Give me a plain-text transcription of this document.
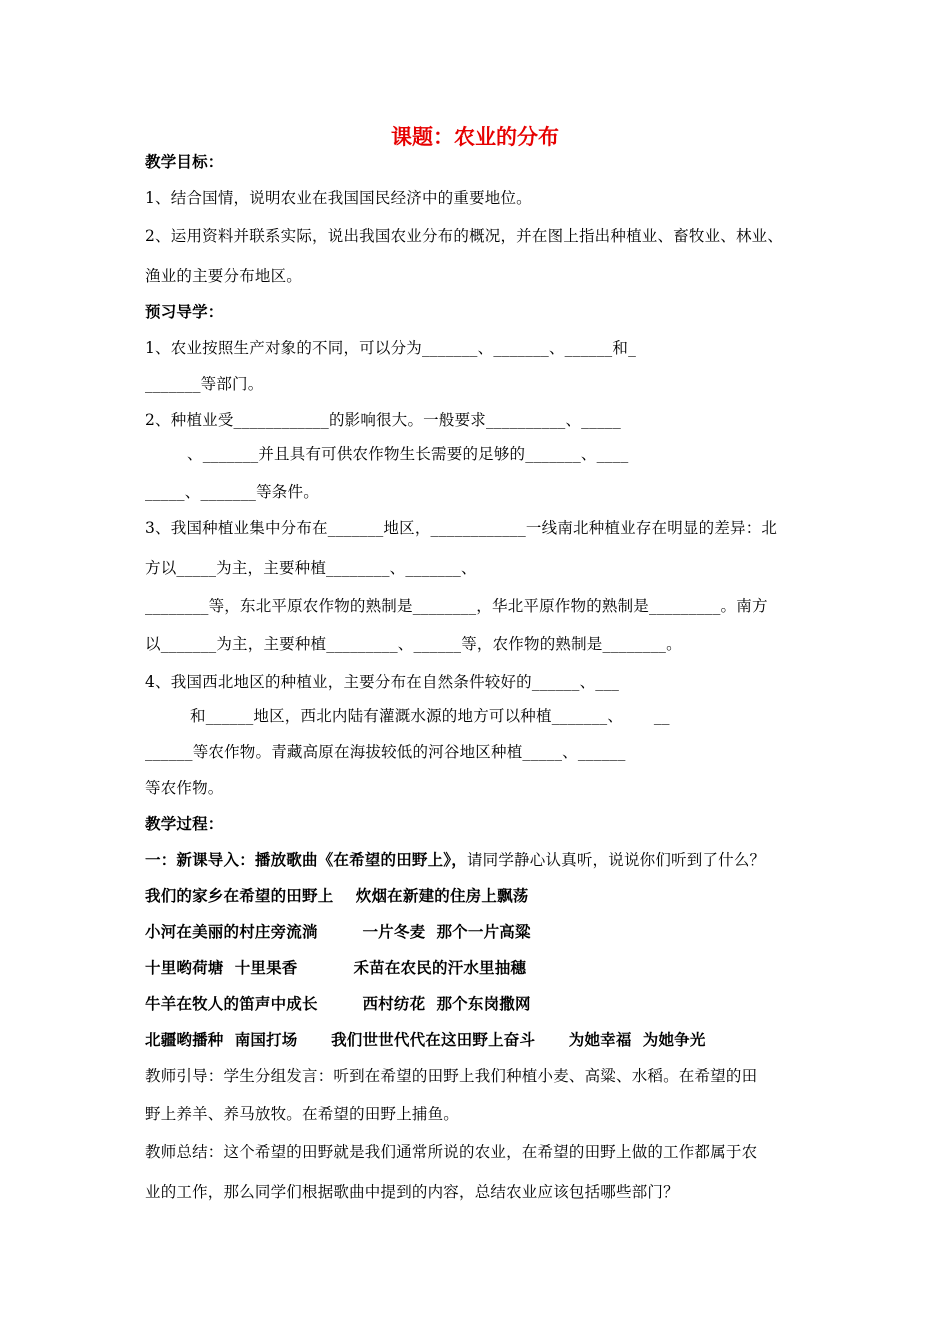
课题：农业的分布
教学目标：
1、结合国情，说明农业在我国国民经济中的重要地位。
2、运用资料并联系实际，说出我国农业分布的概况，并在图上指出种植业、畜牧业、林业、
渔业的主要分布地区。
预习导学：
1、农业按照生产对象的不同，可以分为_______、_______、______和_
_______等部门。
2、种植业受____________的影响很大。一般要求__________、_____
、_______并且具有可供农作物生长需要的足够的_______、____
_____、_______等条件。
3、我国种植业集中分布在_______地区，____________一线南北种植业存在明显的差异：北
方以_____为主，主要种植________、_______、
________等，东北平原农作物的熟制是________，华北平原作物的熟制是_________。南方
以_______为主，主要种植_________、______等，农作物的熟制是________。
4、我国西北地区的种植业，主要分布在自然条件较好的______、___
和______地区，西北内陆有灌溉水源的地方可以种植_______、      __
______等农作物。青藏高原在海拔较低的河谷地区种植_____、______
等农作物。
教学过程：
一：新课导入：播放歌曲《在希望的田野上》，请同学静心认真听，说说你们听到了什么？
我们的家乡在希望的田野上    炊烟在新建的住房上飘荡
小河在美丽的村庄旁流淌        一片冬麦  那个一片高粱
十里哟荷塘  十里果香          禾苗在农民的汗水里抽穗
牛羊在牧人的笛声中成长        西村纺花  那个东岗撒网
北疆哟播种  南国打场      我们世世代代在这田野上奋斗      为她幸福  为她争光
教师引导：学生分组发言：听到在希望的田野上我们种植小麦、高粱、水稻。在希望的田
野上养羊、养马放牧。在希望的田野上捕鱼。
教师总结：这个希望的田野就是我们通常所说的农业，在希望的田野上做的工作都属于农
业的工作，那么同学们根据歌曲中提到的内容，总结农业应该包括哪些部门？
